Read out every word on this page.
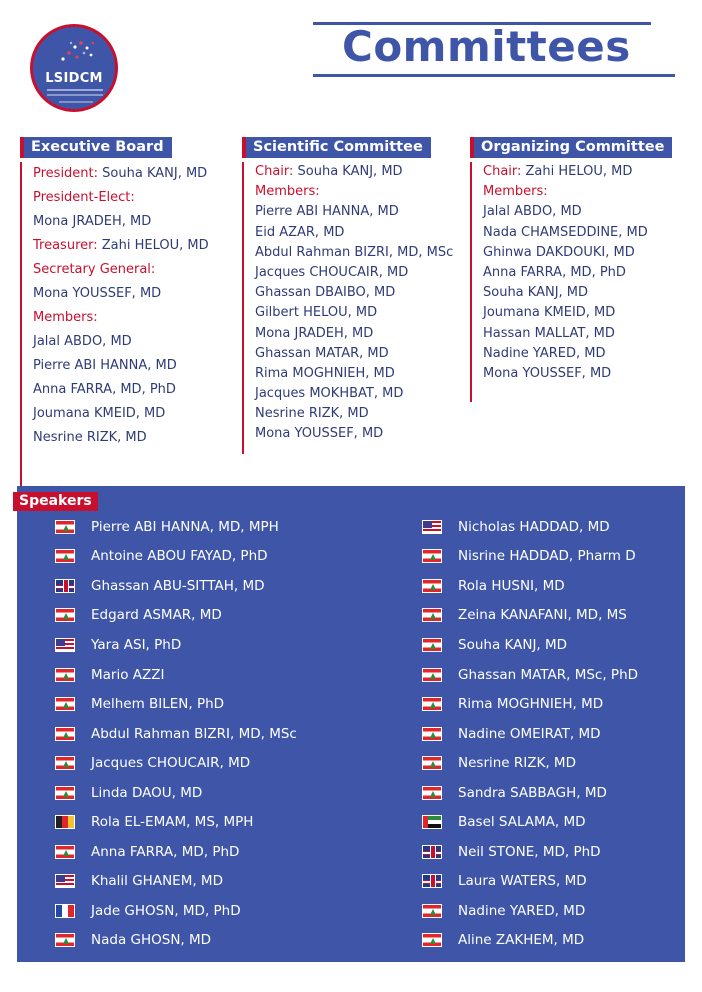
LSIDCM
Committees
Executive Board
President: Souha KANJ, MD
President-Elect:
Mona JRADEH, MD
Treasurer: Zahi HELOU, MD
Secretary General:
Mona YOUSSEF, MD
Members:
Jalal ABDO, MD
Pierre ABI HANNA, MD
Anna FARRA, MD, PhD
Joumana KMEID, MD
Nesrine RIZK, MD
Scientific Committee
Chair: Souha KANJ, MD
Members:
Pierre ABI HANNA, MD
Eid AZAR, MD
Abdul Rahman BIZRI, MD, MSc
Jacques CHOUCAIR, MD
Ghassan DBAIBO, MD
Gilbert HELOU, MD
Mona JRADEH, MD
Ghassan MATAR, MD
Rima MOGHNIEH, MD
Jacques MOKHBAT, MD
Nesrine RIZK, MD
Mona YOUSSEF, MD
Organizing Committee
Chair: Zahi HELOU, MD
Members:
Jalal ABDO, MD
Nada CHAMSEDDINE, MD
Ghinwa DAKDOUKI, MD
Anna FARRA, MD, PhD
Souha KANJ, MD
Joumana KMEID, MD
Hassan MALLAT, MD
Nadine YARED, MD
Mona YOUSSEF, MD
Speakers
Pierre ABI HANNA, MD, MPH
Antoine ABOU FAYAD, PhD
Ghassan ABU-SITTAH, MD
Edgard ASMAR, MD
Yara ASI, PhD
Mario AZZI
Melhem BILEN, PhD
Abdul Rahman BIZRI, MD, MSc
Jacques CHOUCAIR, MD
Linda DAOU, MD
Rola EL-EMAM, MS, MPH
Anna FARRA, MD, PhD
Khalil GHANEM, MD
Jade GHOSN, MD, PhD
Nada GHOSN, MD
Nicholas HADDAD, MD
Nisrine HADDAD, Pharm D
Rola HUSNI, MD
Zeina KANAFANI, MD, MS
Souha KANJ, MD
Ghassan MATAR, MSc, PhD
Rima MOGHNIEH, MD
Nadine OMEIRAT, MD
Nesrine RIZK, MD
Sandra SABBAGH, MD
Basel SALAMA, MD
Neil STONE, MD, PhD
Laura WATERS, MD
Nadine YARED, MD
Aline ZAKHEM, MD
